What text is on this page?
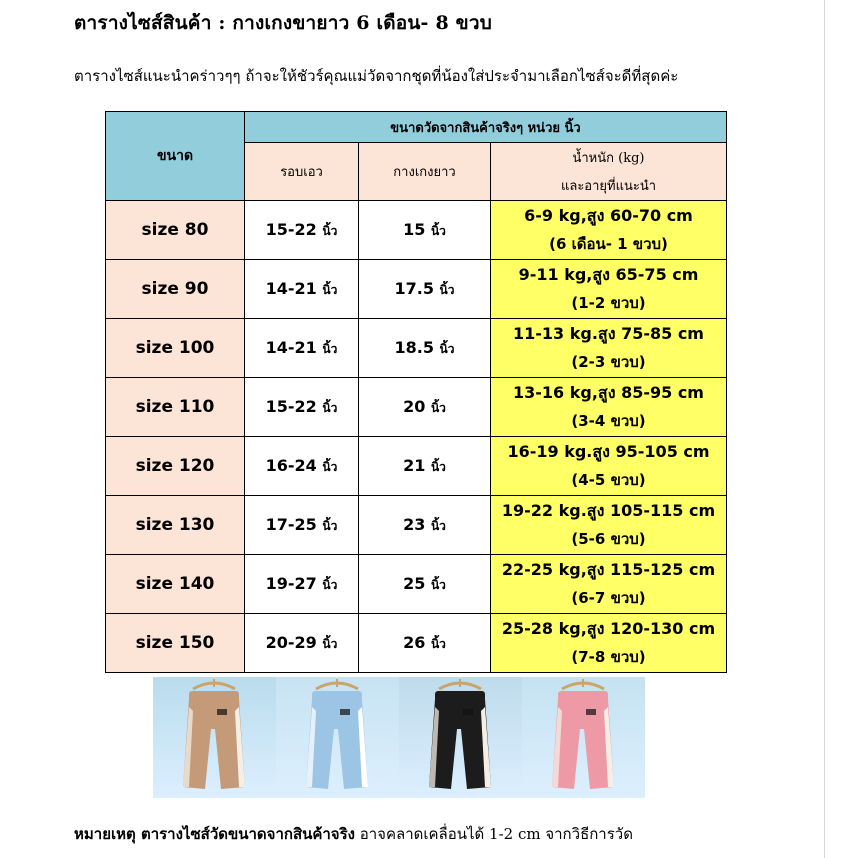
ตารางไซส์สินค้า : กางเกงขายาว 6 เดือน- 8 ขวบ
ตารางไซส์แนะนำคร่าวๆๆ ถ้าจะให้ชัวร์คุณแม่วัดจากชุดที่น้องใส่ประจำมาเลือกไซส์จะดีที่สุดค่ะ
ขนาด	ขนาดวัดจากสินค้าจริงๆ หน่วย นิ้ว		
	รอบเอว	กางเกงยาว	น้ำหนัก (kg)
และอายุที่แนะนำ

size 80	15-22 นิ้ว	15 นิ้ว	6-9 kg,สูง 60-70 cm
(6 เดือน- 1 ขวบ)

size 90	14-21 นิ้ว	17.5 นิ้ว	9-11 kg,สูง 65-75 cm
(1-2 ขวบ)

size 100	14-21 นิ้ว	18.5 นิ้ว	11-13 kg.สูง 75-85 cm
(2-3 ขวบ)

size 110	15-22 นิ้ว	20 นิ้ว	13-16 kg,สูง 85-95 cm
(3-4 ขวบ)

size 120	16-24 นิ้ว	21 นิ้ว	16-19 kg.สูง 95-105 cm
(4-5 ขวบ)

size 130	17-25 นิ้ว	23 นิ้ว	19-22 kg.สูง 105-115 cm
(5-6 ขวบ)

size 140	19-27 นิ้ว	25 นิ้ว	22-25 kg,สูง 115-125 cm
(6-7 ขวบ)

size 150	20-29 นิ้ว	26 นิ้ว	25-28 kg,สูง 120-130 cm
(7-8 ขวบ)
หมายเหตุ ตารางไซส์วัดขนาดจากสินค้าจริง อาจคลาดเคลื่อนได้ 1-2 cm จากวิธีการวัด
